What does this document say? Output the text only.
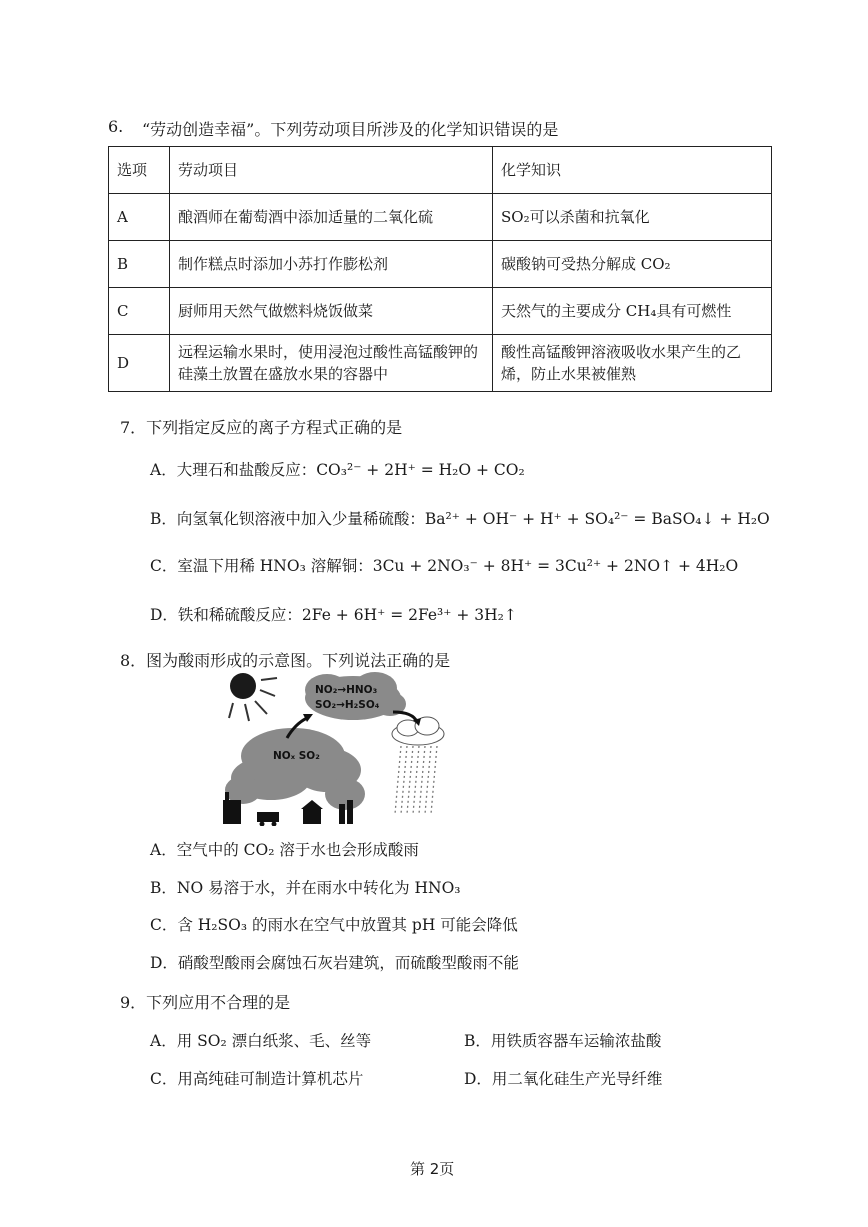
6. “劳动创造幸福”。下列劳动项目所涉及的化学知识错误的是
选项	劳动项目	化学知识
A	酿酒师在葡萄酒中添加适量的二氧化硫	SO₂可以杀菌和抗氧化
B	制作糕点时添加小苏打作膨松剂	碳酸钠可受热分解成 CO₂
C	厨师用天然气做燃料烧饭做菜	天然气的主要成分 CH₄具有可燃性
D	远程运输水果时，使用浸泡过酸性高锰酸钾的硅藻土放置在盛放水果的容器中	酸性高锰酸钾溶液吸收水果产生的乙烯，防止水果被催熟
7．下列指定反应的离子方程式正确的是
A．大理石和盐酸反应：CO₃²⁻ + 2H⁺ = H₂O + CO₂
B．向氢氧化钡溶液中加入少量稀硫酸：Ba²⁺ + OH⁻ + H⁺ + SO₄²⁻ = BaSO₄↓ + H₂O
C．室温下用稀 HNO₃ 溶解铜：3Cu + 2NO₃⁻ + 8H⁺ = 3Cu²⁺ + 2NO↑ + 4H₂O
D．铁和稀硫酸反应：2Fe + 6H⁺ = 2Fe³⁺ + 3H₂↑
8．图为酸雨形成的示意图。下列说法正确的是
NO₂→HNO₃
SO₂→H₂SO₄
NOₓ SO₂
A．空气中的 CO₂ 溶于水也会形成酸雨
B．NO 易溶于水，并在雨水中转化为 HNO₃
C．含 H₂SO₃ 的雨水在空气中放置其 pH 可能会降低
D．硝酸型酸雨会腐蚀石灰岩建筑，而硫酸型酸雨不能
9．下列应用不合理的是
A．用 SO₂ 漂白纸浆、毛、丝等	B．用铁质容器车运输浓盐酸
C．用高纯硅可制造计算机芯片	D．用二氧化硅生产光导纤维
第 2页
